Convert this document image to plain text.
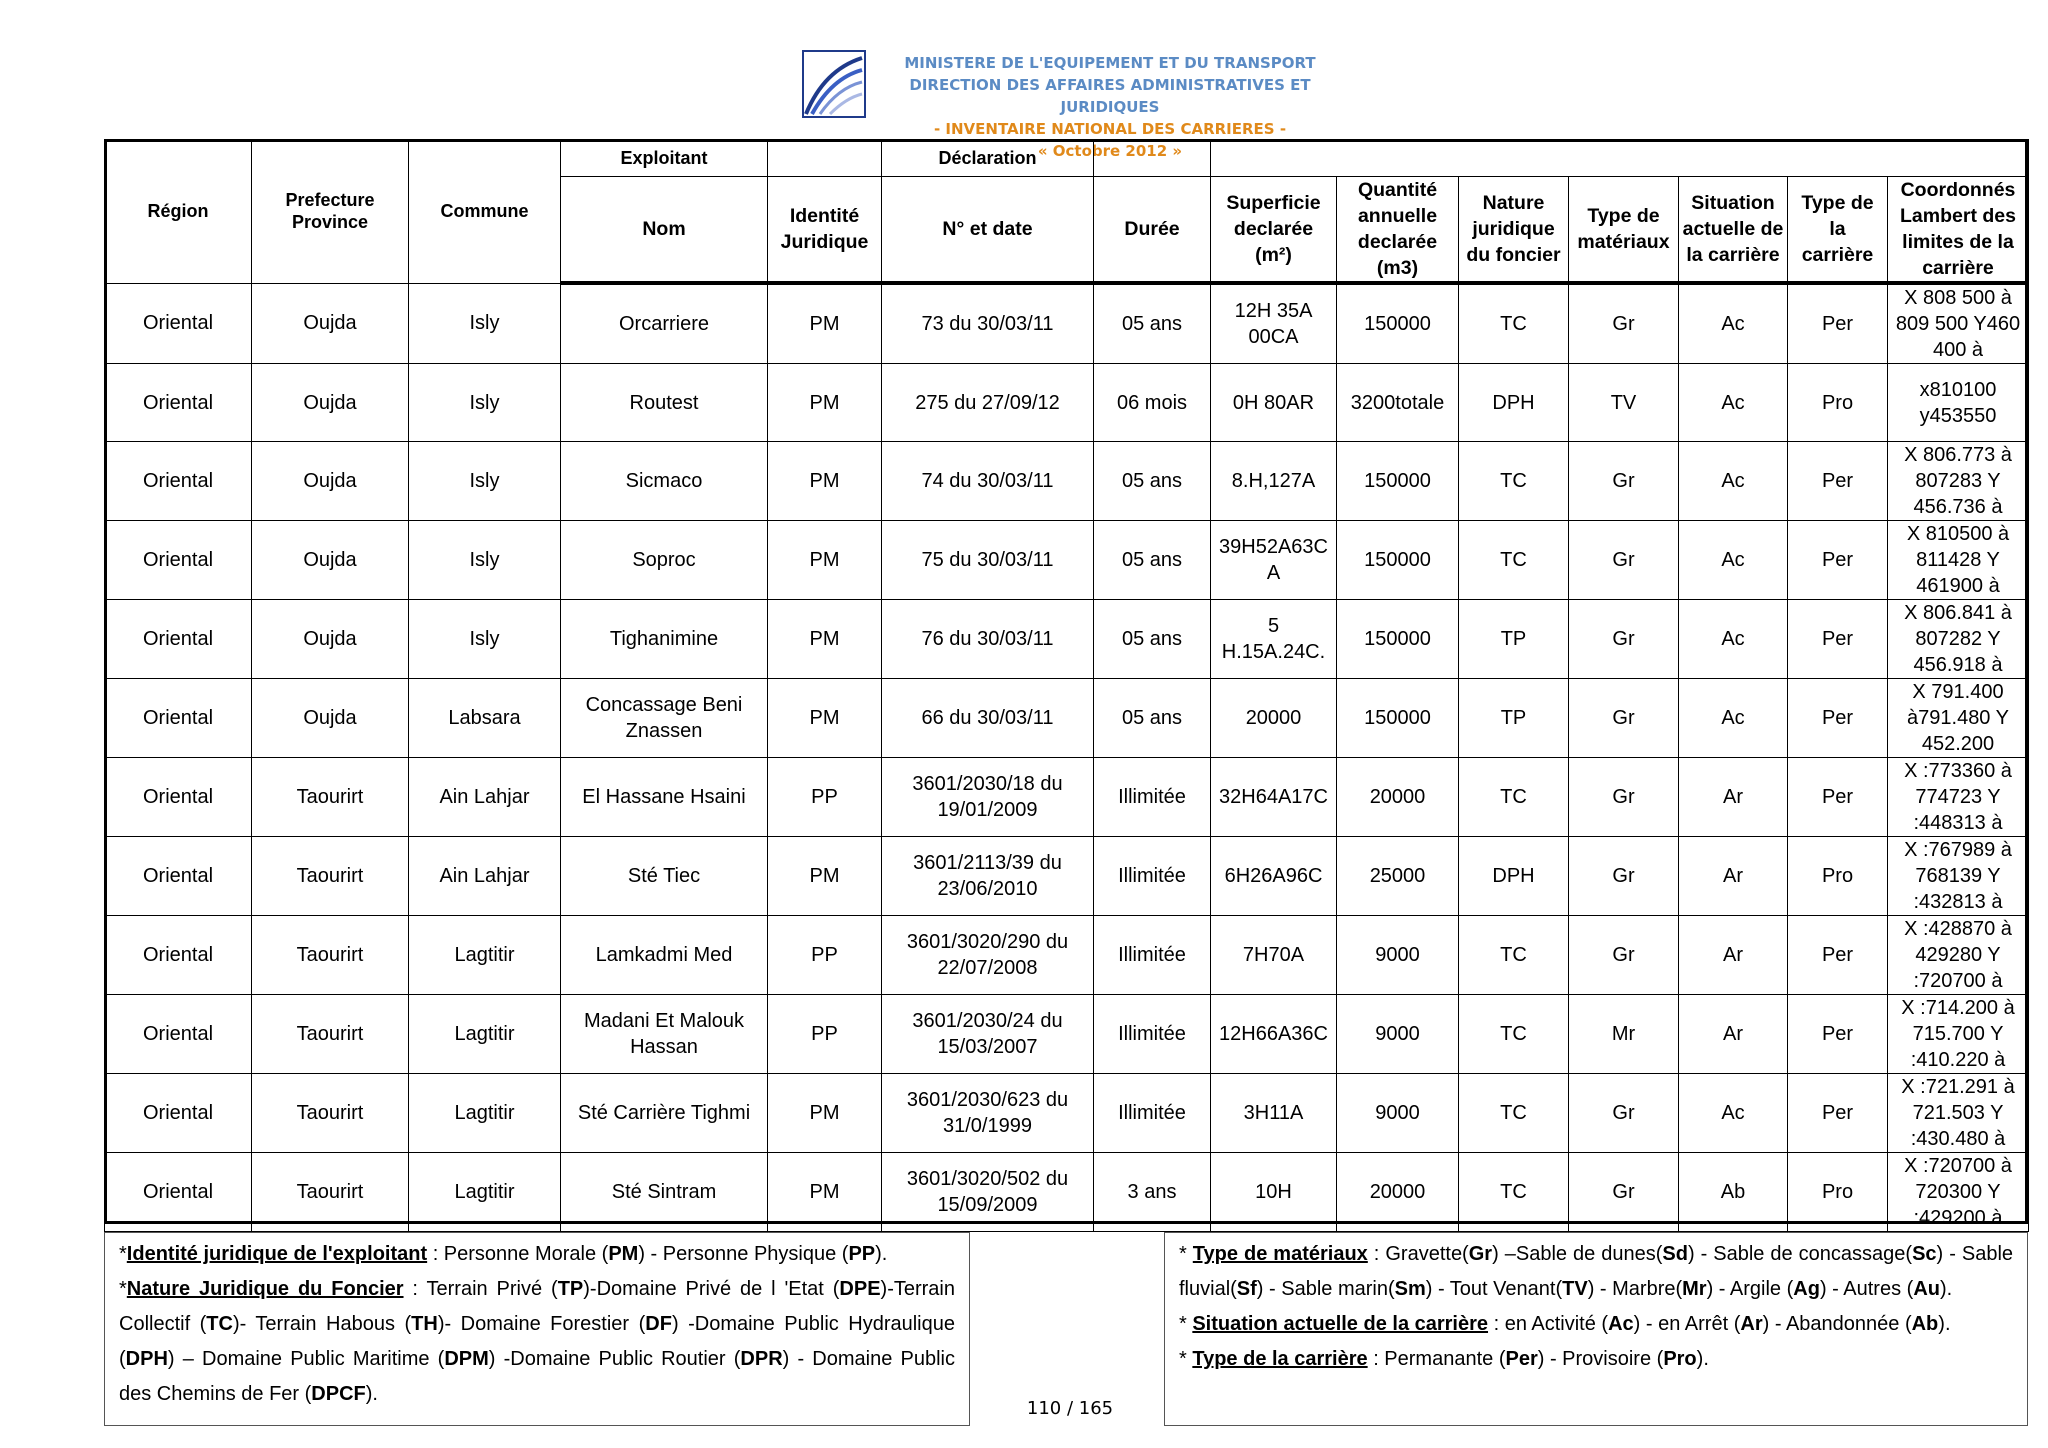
MINISTERE DE L'EQUIPEMENT ET DU TRANSPORT
DIRECTION DES AFFAIRES ADMINISTRATIVES ET JURIDIQUES
- INVENTAIRE NATIONAL DES CARRIERES -
« Octobre 2012 »
Région	Prefecture Province	Commune	Exploitant		Déclaration								
			Nom	Identité Juridique	N° et date	Durée	Superficie declarée (m²)	Quantité annuelle declarée (m3)	Nature juridique du foncier	Type de matériaux	Situation actuelle de la carrière	Type de la carrière	Coordonnés Lambert des limites de la carrière
Oriental	Oujda	Isly	Orcarriere	PM	73 du 30/03/11	05 ans	12H 35A 00CA	150000	TC	Gr	Ac	Per	X 808 500 à 809 500 Y460 400 à
Oriental	Oujda	Isly	Routest	PM	275 du 27/09/12	06 mois	0H 80AR	3200totale	DPH	TV	Ac	Pro	x810100 y453550
Oriental	Oujda	Isly	Sicmaco	PM	74 du 30/03/11	05 ans	8.H,127A	150000	TC	Gr	Ac	Per	X 806.773 à 807283 Y 456.736 à
Oriental	Oujda	Isly	Soproc	PM	75 du 30/03/11	05 ans	39H52A63C A	150000	TC	Gr	Ac	Per	X 810500 à 811428 Y 461900 à
Oriental	Oujda	Isly	Tighanimine	PM	76 du 30/03/11	05 ans	5 H.15A.24C.	150000	TP	Gr	Ac	Per	X 806.841 à 807282 Y 456.918 à
Oriental	Oujda	Labsara	Concassage Beni Znassen	PM	66 du 30/03/11	05 ans	20000	150000	TP	Gr	Ac	Per	X 791.400 à791.480 Y 452.200
Oriental	Taourirt	Ain Lahjar	El Hassane Hsaini	PP	3601/2030/18 du 19/01/2009	Illimitée	32H64A17C	20000	TC	Gr	Ar	Per	X :773360 à 774723 Y :448313 à
Oriental	Taourirt	Ain Lahjar	Sté Tiec	PM	3601/2113/39 du 23/06/2010	Illimitée	6H26A96C	25000	DPH	Gr	Ar	Pro	X :767989 à 768139 Y :432813 à
Oriental	Taourirt	Lagtitir	Lamkadmi Med	PP	3601/3020/290 du 22/07/2008	Illimitée	7H70A	9000	TC	Gr	Ar	Per	X :428870 à 429280 Y :720700 à
Oriental	Taourirt	Lagtitir	Madani Et Malouk Hassan	PP	3601/2030/24 du 15/03/2007	Illimitée	12H66A36C	9000	TC	Mr	Ar	Per	X :714.200 à 715.700 Y :410.220 à
Oriental	Taourirt	Lagtitir	Sté Carrière Tighmi	PM	3601/2030/623 du 31/0/1999	Illimitée	3H11A	9000	TC	Gr	Ac	Per	X :721.291 à 721.503 Y :430.480 à
Oriental	Taourirt	Lagtitir	Sté Sintram	PM	3601/3020/502 du 15/09/2009	3 ans	10H	20000	TC	Gr	Ab	Pro	X :720700 à 720300 Y :429200 à

*Identité juridique de l'exploitant : Personne Morale (PM) - Personne Physique (PP).

*Nature Juridique du Foncier : Terrain Privé (TP)-Domaine Privé de l 'Etat (DPE)-Terrain Collectif (TC)- Terrain Habous (TH)- Domaine Forestier (DF) -Domaine Public Hydraulique (DPH) – Domaine Public Maritime (DPM) -Domaine Public Routier (DPR) - Domaine Public des Chemins de Fer (DPCF).

* Type de matériaux : Gravette(Gr) –Sable de dunes(Sd) - Sable de concassage(Sc) - Sable fluvial(Sf) - Sable marin(Sm) - Tout Venant(TV) - Marbre(Mr) - Argile (Ag) - Autres (Au).

* Situation actuelle de la carrière : en Activité (Ac) - en Arrêt (Ar) - Abandonnée (Ab).

* Type de la carrière : Permanante (Per) - Provisoire (Pro).

110 / 165
